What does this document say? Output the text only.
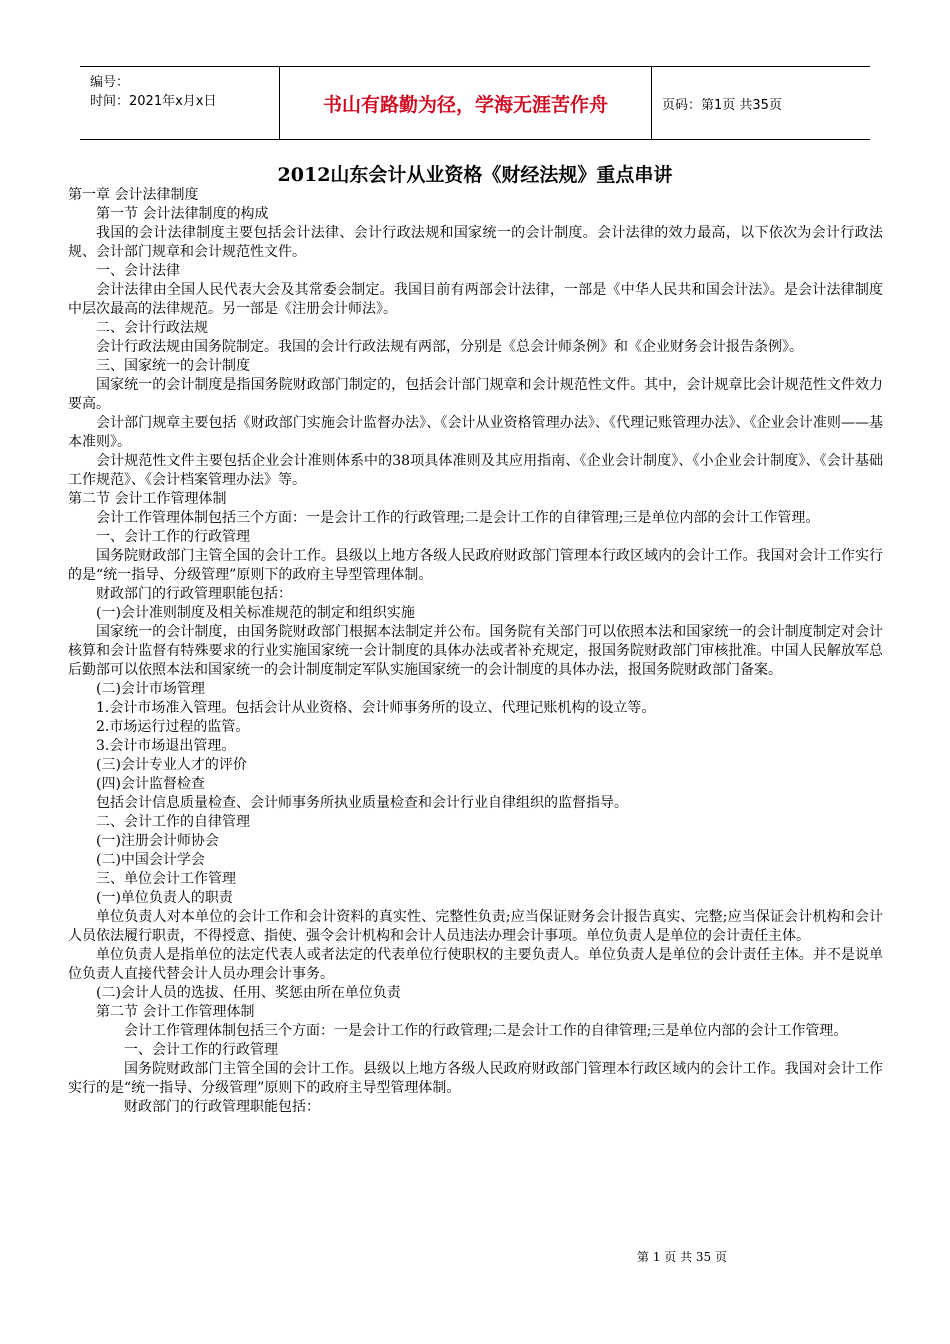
编号：
时间：2021年x月x日	书山有路勤为径，学海无涯苦作舟	页码：第1页 共35页
2012山东会计从业资格《财经法规》重点串讲

第一章 会计法律制度

第一节 会计法律制度的构成

我国的会计法律制度主要包括会计法律、会计行政法规和国家统一的会计制度。会计法律的效力最高，以下依次为会计行政法规、会计部门规章和会计规范性文件。

一、会计法律

会计法律由全国人民代表大会及其常委会制定。我国目前有两部会计法律，一部是《中华人民共和国会计法》。是会计法律制度中层次最高的法律规范。另一部是《注册会计师法》。

二、会计行政法规

会计行政法规由国务院制定。我国的会计行政法规有两部，分别是《总会计师条例》和《企业财务会计报告条例》。

三、国家统一的会计制度

国家统一的会计制度是指国务院财政部门制定的，包括会计部门规章和会计规范性文件。其中，会计规章比会计规范性文件效力要高。

会计部门规章主要包括《财政部门实施会计监督办法》、《会计从业资格管理办法》、《代理记账管理办法》、《企业会计准则——基本准则》。

会计规范性文件主要包括企业会计准则体系中的38项具体准则及其应用指南、《企业会计制度》、《小企业会计制度》、《会计基础工作规范》、《会计档案管理办法》等。

第二节 会计工作管理体制

会计工作管理体制包括三个方面：一是会计工作的行政管理;二是会计工作的自律管理;三是单位内部的会计工作管理。

一、会计工作的行政管理

国务院财政部门主管全国的会计工作。县级以上地方各级人民政府财政部门管理本行政区域内的会计工作。我国对会计工作实行的是“统一指导、分级管理”原则下的政府主导型管理体制。

财政部门的行政管理职能包括：

(一)会计准则制度及相关标准规范的制定和组织实施

国家统一的会计制度，由国务院财政部门根据本法制定并公布。国务院有关部门可以依照本法和国家统一的会计制度制定对会计核算和会计监督有特殊要求的行业实施国家统一会计制度的具体办法或者补充规定，报国务院财政部门审核批准。中国人民解放军总后勤部可以依照本法和国家统一的会计制度制定军队实施国家统一的会计制度的具体办法，报国务院财政部门备案。

(二)会计市场管理

1.会计市场准入管理。包括会计从业资格、会计师事务所的设立、代理记账机构的设立等。

2.市场运行过程的监管。

3.会计市场退出管理。

(三)会计专业人才的评价

(四)会计监督检查

包括会计信息质量检查、会计师事务所执业质量检查和会计行业自律组织的监督指导。

二、会计工作的自律管理

(一)注册会计师协会

(二)中国会计学会

三、单位会计工作管理

(一)单位负责人的职责

单位负责人对本单位的会计工作和会计资料的真实性、完整性负责;应当保证财务会计报告真实、完整;应当保证会计机构和会计人员依法履行职责，不得授意、指使、强令会计机构和会计人员违法办理会计事项。单位负责人是单位的会计责任主体。

单位负责人是指单位的法定代表人或者法定的代表单位行使职权的主要负责人。单位负责人是单位的会计责任主体。并不是说单位负责人直接代替会计人员办理会计事务。

(二)会计人员的选拔、任用、奖惩由所在单位负责

第二节 会计工作管理体制

会计工作管理体制包括三个方面：一是会计工作的行政管理;二是会计工作的自律管理;三是单位内部的会计工作管理。

一、会计工作的行政管理

国务院财政部门主管全国的会计工作。县级以上地方各级人民政府财政部门管理本行政区域内的会计工作。我国对会计工作实行的是“统一指导、分级管理”原则下的政府主导型管理体制。

财政部门的行政管理职能包括：

第 1 页 共 35 页
